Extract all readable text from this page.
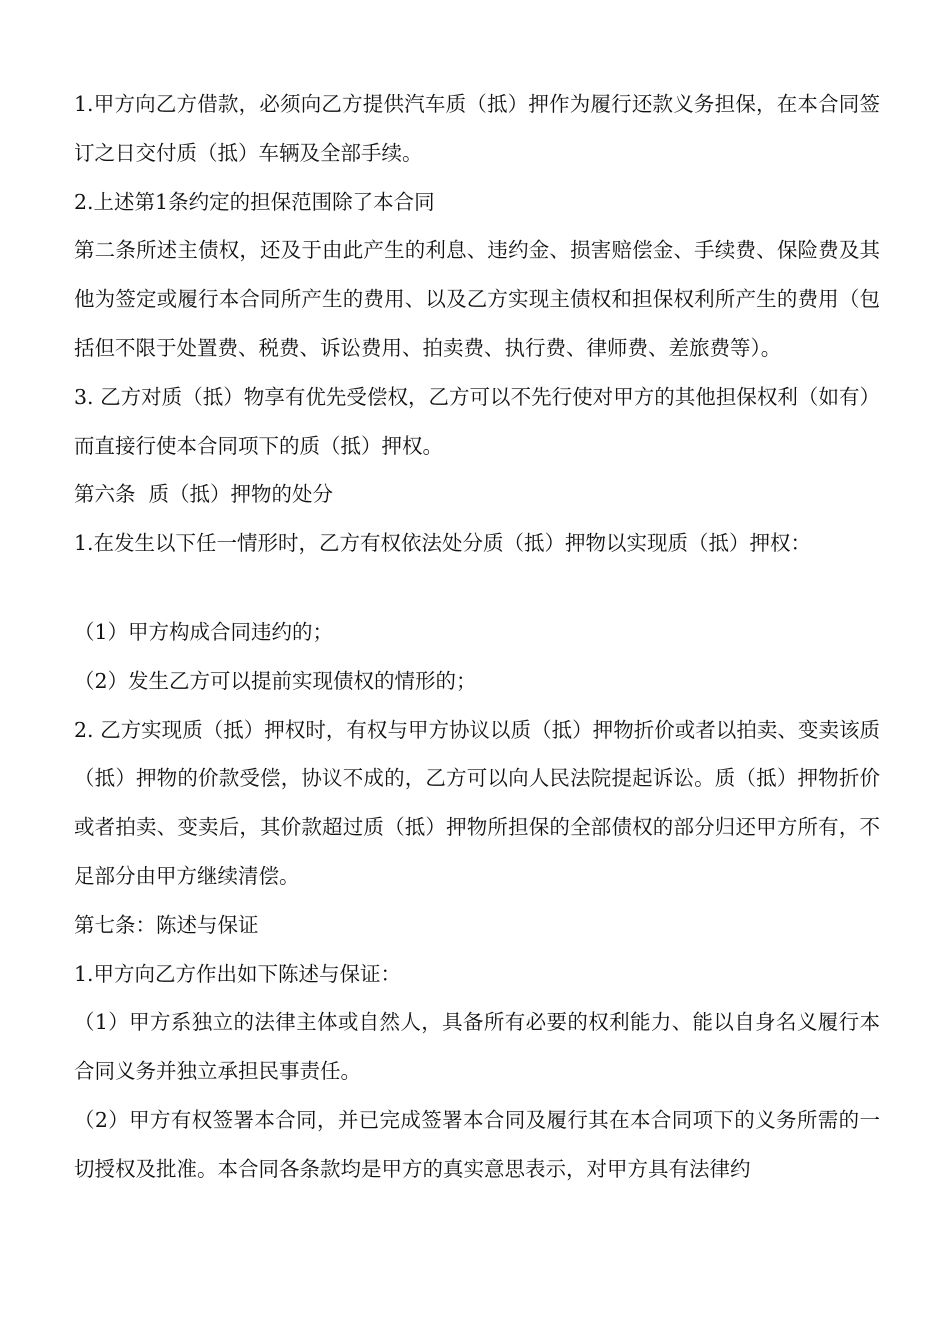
1.甲方向乙方借款，必须向乙方提供汽车质（抵）押作为履行还款义务担保，在本合同签订之日交付质（抵）车辆及全部手续。

2.上述第1条约定的担保范围除了本合同

第二条所述主债权，还及于由此产生的利息、违约金、损害赔偿金、手续费、保险费及其他为签定或履行本合同所产生的费用、以及乙方实现主债权和担保权利所产生的费用（包括但不限于处置费、税费、诉讼费用、拍卖费、执行费、律师费、差旅费等）。

3. 乙方对质（抵）物享有优先受偿权，乙方可以不先行使对甲方的其他担保权利（如有）而直接行使本合同项下的质（抵）押权。

第六条  质（抵）押物的处分

1.在发生以下任一情形时，乙方有权依法处分质（抵）押物以实现质（抵）押权：

（1）甲方构成合同违约的；

（2）发生乙方可以提前实现债权的情形的；

2. 乙方实现质（抵）押权时，有权与甲方协议以质（抵）押物折价或者以拍卖、变卖该质（抵）押物的价款受偿，协议不成的，乙方可以向人民法院提起诉讼。质（抵）押物折价或者拍卖、变卖后，其价款超过质（抵）押物所担保的全部债权的部分归还甲方所有，不足部分由甲方继续清偿。

第七条：陈述与保证

1.甲方向乙方作出如下陈述与保证：

（1）甲方系独立的法律主体或自然人，具备所有必要的权利能力、能以自身名义履行本合同义务并独立承担民事责任。

（2）甲方有权签署本合同，并已完成签署本合同及履行其在本合同项下的义务所需的一切授权及批准。本合同各条款均是甲方的真实意思表示，对甲方具有法律约
